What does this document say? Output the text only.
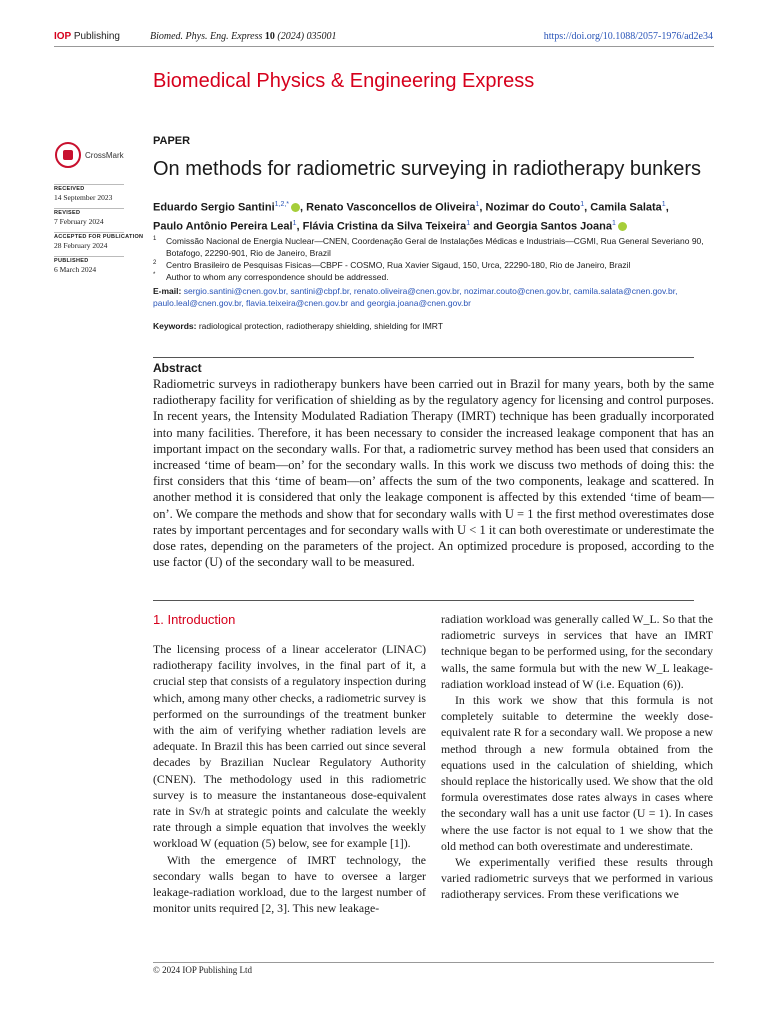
IOP Publishing	Biomed. Phys. Eng. Express 10 (2024) 035001	https://doi.org/10.1088/2057-1976/ad2e34
Biomedical Physics & Engineering Express
CrossMark
RECEIVED
14 September 2023
REVISED
7 February 2024
ACCEPTED FOR PUBLICATION
28 February 2024
PUBLISHED
6 March 2024
PAPER
On methods for radiometric surveying in radiotherapy bunkers
Eduardo Sergio Santini$^{1,2,*}$ , Renato Vasconcellos de Oliveira$^1$, Nozimar do Couto$^1$, Camila Salata$^1$,
Paulo Antônio Pereira Leal$^1$, Flávia Cristina da Silva Teixeira$^1$ and Georgia Santos Joana$^1$
1	Comissão Nacional de Energia Nuclear—CNEN, Coordenação Geral de Instalações Médicas e Industriais—CGMI, Rua General Severiano 90, Botafogo, 22290-901, Rio de Janeiro, Brazil
2	Centro Brasileiro de Pesquisas Fisicas—CBPF - COSMO, Rua Xavier Sigaud, 150, Urca, 22290-180, Rio de Janeiro, Brazil
*	Author to whom any correspondence should be addressed.
E-mail: sergio.santini@cnen.gov.br, santini@cbpf.br, renato.oliveira@cnen.gov.br, nozimar.couto@cnen.gov.br, camila.salata@cnen.gov.br, paulo.leal@cnen.gov.br, flavia.teixeira@cnen.gov.br and georgia.joana@cnen.gov.br
Keywords: radiological protection, radiotherapy shielding, shielding for IMRT
Abstract
Radiometric surveys in radiotherapy bunkers have been carried out in Brazil for many years, both by the same radiotherapy facility for verification of shielding as by the regulatory agency for licensing and control purposes. In recent years, the Intensity Modulated Radiation Therapy (IMRT) technique has been gradually incorporated into many facilities. Therefore, it has been necessary to consider the increased leakage component that has an important impact on the secondary walls. For that, a radiometric survey method has been used that considers an increased ‘time of beam—on’ for the secondary walls. In this work we discuss two methods of doing this: the first considers that this ‘time of beam—on’ affects the sum of the two components, leakage and scattered. In another method it is considered that only the leakage component is affected by this extended ‘time of beam—on’. We compare the methods and show that for secondary walls with U = 1 the first method overestimates dose rates by important percentages and for secondary walls with U < 1 it can both overestimate or underestimate the dose rates, depending on the parameters of the project. An optimized procedure is proposed, according to the use factor (U) of the secondary wall to be measured.
1. Introduction

The licensing process of a linear accelerator (LINAC) radiotherapy facility involves, in the final part of it, a crucial step that consists of a regulatory inspection during which, among many other checks, a radiometric survey is performed on the surroundings of the treatment bunker with the aim of verifying whether radiation levels are adequate. In Brazil this has been carried out since several decades by Brazilian Nuclear Regulatory Authority (CNEN). The methodology used in this radiometric survey is to measure the instantaneous dose-equivalent rate in Sv/h at strategic points and calculate the weekly rate through a simple equation that involves the weekly workload W (equation (5) below, see for example [1]).

With the emergence of IMRT technology, the secondary walls began to have to oversee a larger leakage-radiation workload, due to the largest number of monitor units required [2, 3]. This new leakage-

radiation workload was generally called W_L. So that the radiometric surveys in services that have an IMRT technique began to be performed using, for the secondary walls, the same formula but with the new W_L leakage-radiation workload instead of W (i.e. Equation (6)).

In this work we show that this formula is not completely suitable to determine the weekly dose-equivalent rate R for a secondary wall. We propose a new method through a new formula obtained from the equations used in the calculation of shielding, which should replace the historically used. We show that the old formula overestimates dose rates always in cases where the secondary wall has a unit use factor (U = 1). In cases where the use factor is not equal to 1 we show that the old method can both overestimate and underestimate.

We experimentally verified these results through varied radiometric surveys that we performed in various radiotherapy services. From these verifications we

© 2024 IOP Publishing Ltd
